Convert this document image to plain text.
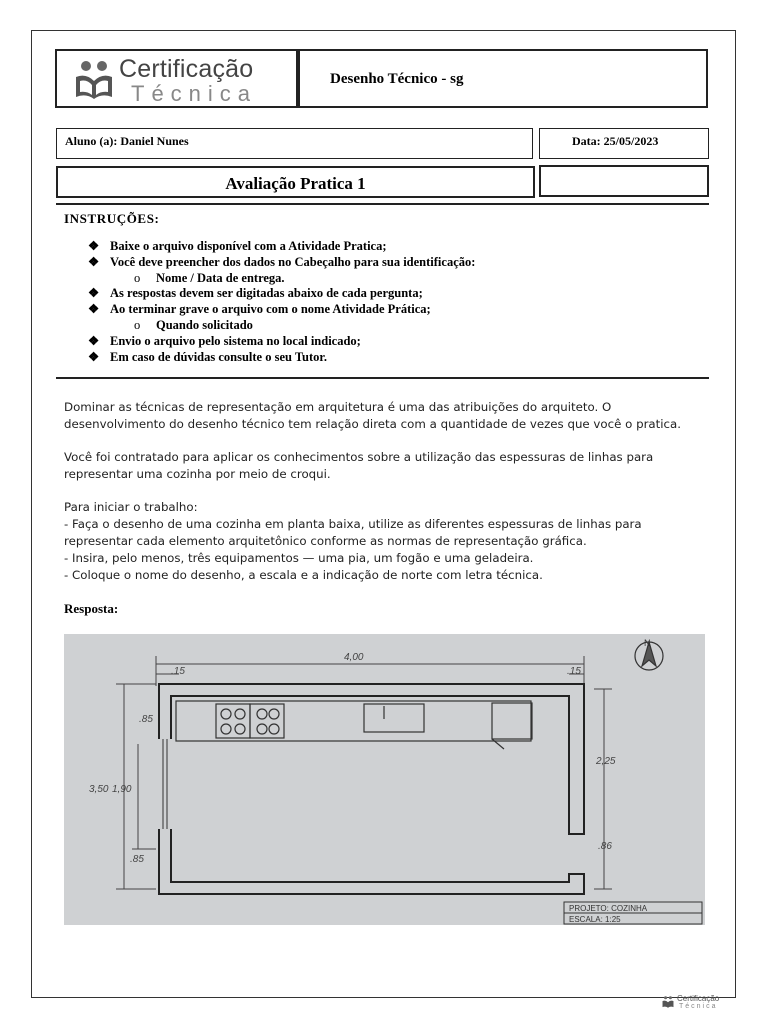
Certificação
Técnica
Desenho Técnico - sg
Aluno (a): Daniel Nunes	Data: 25/05/2023
Avaliação Pratica 1
INSTRUÇÕES:
❖ Baixe o arquivo disponível com a Atividade Pratica;
❖ Você deve preencher dos dados no Cabeçalho para sua identificação:
o Nome / Data de entrega.
❖ As respostas devem ser digitadas abaixo de cada pergunta;
❖ Ao terminar grave o arquivo com o nome Atividade Prática;
o Quando solicitado
❖ Envio o arquivo pelo sistema no local indicado;
❖ Em caso de dúvidas consulte o seu Tutor.
Dominar as técnicas de representação em arquitetura é uma das atribuições do arquiteto. O
desenvolvimento do desenho técnico tem relação direta com a quantidade de vezes que você o pratica.
Você foi contratado para aplicar os conhecimentos sobre a utilização das espessuras de linhas para
representar uma cozinha por meio de croqui.
Para iniciar o trabalho:
- Faça o desenho de uma cozinha em planta baixa, utilize as diferentes espessuras de linhas para
representar cada elemento arquitetônico conforme as normas de representação gráfica.
- Insira, pelo menos, três equipamentos — uma pia, um fogão e uma geladeira.
- Coloque o nome do desenho, a escala e a indicação de norte com letra técnica.
Resposta:
N
4,00
3,50 1,90
.85
.85
2,25
.86
.15	.15
PROJETO: COZINHA
ESCALA: 1:25
Certificação
Técnica
